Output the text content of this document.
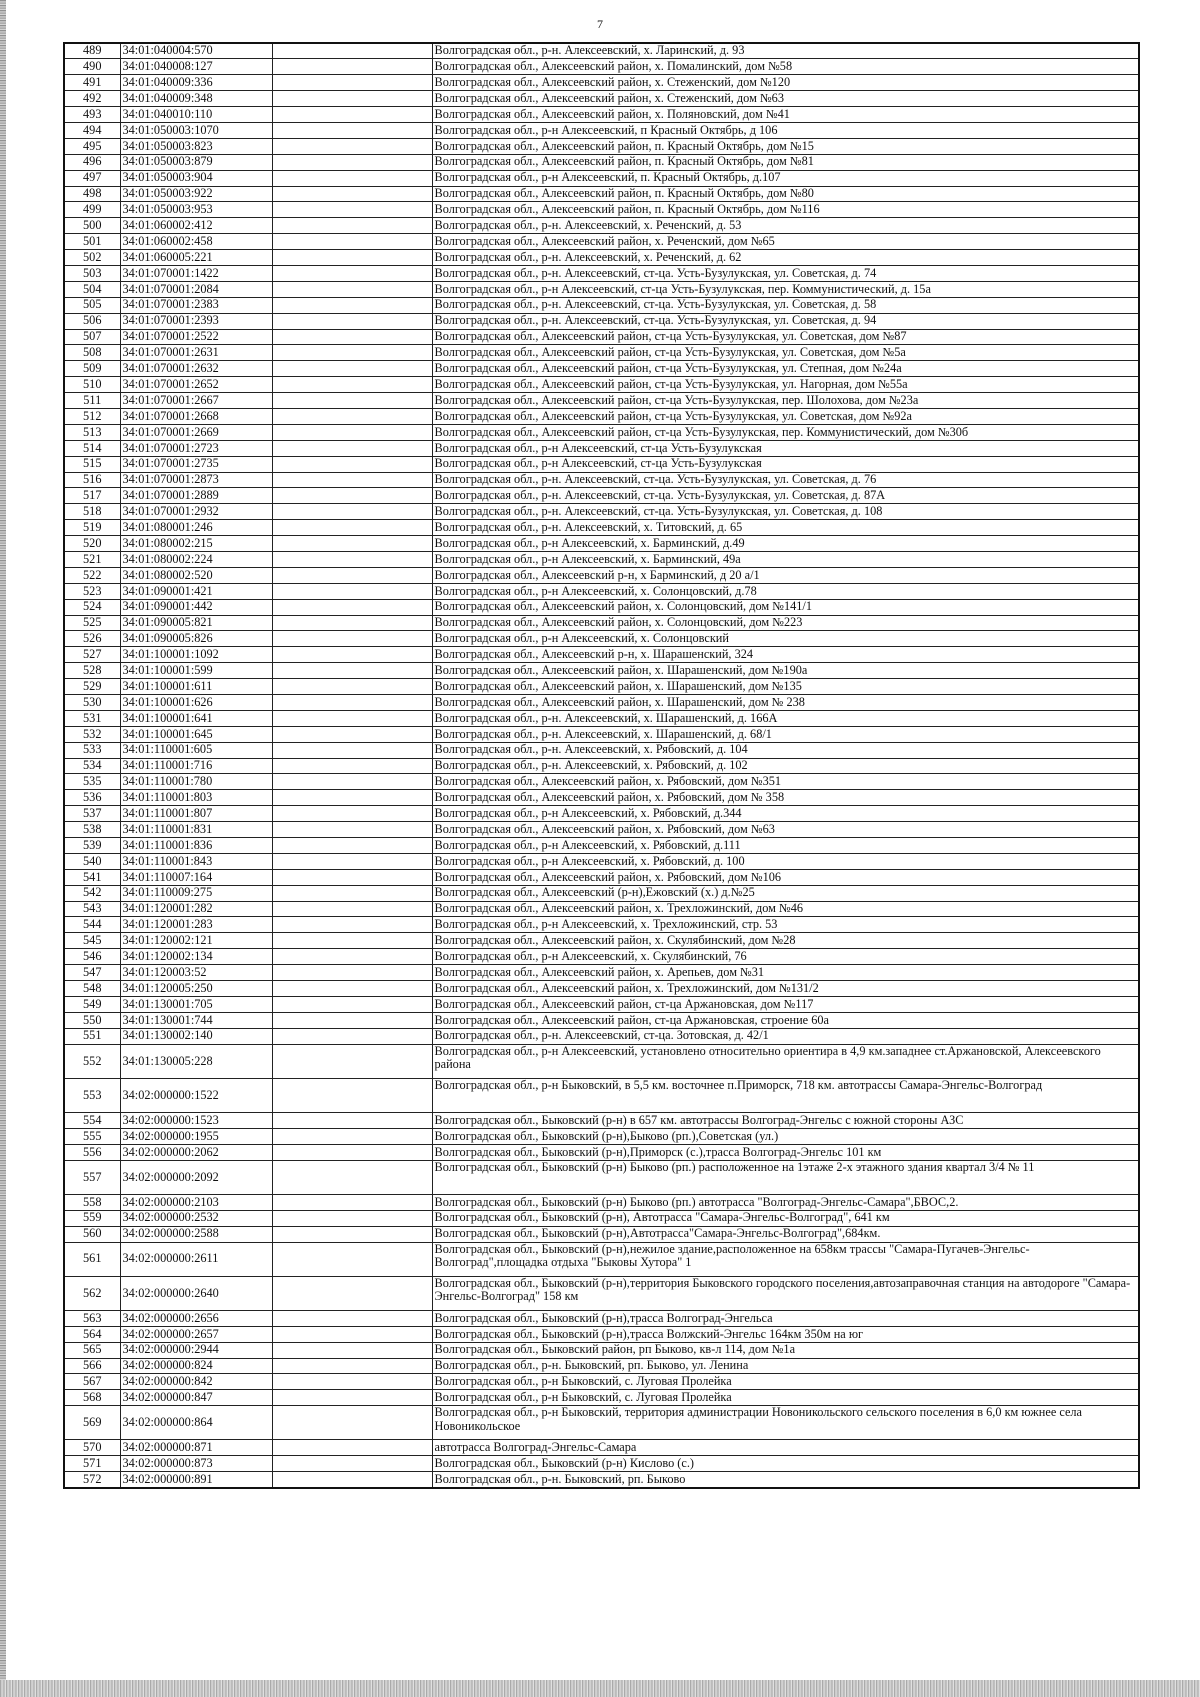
7
489	34:01:040004:570		Волгоградская обл., р-н. Алексеевский, х. Ларинский, д. 93
490	34:01:040008:127		Волгоградская обл., Алексеевский район, х. Помалинский, дом №58
491	34:01:040009:336		Волгоградская обл., Алексеевский район, х. Стеженский, дом №120
492	34:01:040009:348		Волгоградская обл., Алексеевский район, х. Стеженский, дом №63
493	34:01:040010:110		Волгоградская обл., Алексеевский район, х. Поляновский, дом №41
494	34:01:050003:1070		Волгоградская обл., р-н Алексеевский, п Красный Октябрь, д 106
495	34:01:050003:823		Волгоградская обл., Алексеевский район, п. Красный Октябрь, дом №15
496	34:01:050003:879		Волгоградская обл., Алексеевский район, п. Красный Октябрь, дом №81
497	34:01:050003:904		Волгоградская обл., р-н Алексеевский, п. Красный Октябрь, д.107
498	34:01:050003:922		Волгоградская обл., Алексеевский район, п. Красный Октябрь, дом №80
499	34:01:050003:953		Волгоградская обл., Алексеевский район, п. Красный Октябрь, дом №116
500	34:01:060002:412		Волгоградская обл., р-н. Алексеевский, х. Реченский, д. 53
501	34:01:060002:458		Волгоградская обл., Алексеевский район, х. Реченский, дом №65
502	34:01:060005:221		Волгоградская обл., р-н. Алексеевский, х. Реченский, д. 62
503	34:01:070001:1422		Волгоградская обл., р-н. Алексеевский, ст-ца. Усть-Бузулукская, ул. Советская, д. 74
504	34:01:070001:2084		Волгоградская обл., р-н Алексеевский, ст-ца Усть-Бузулукская, пер. Коммунистический, д. 15а
505	34:01:070001:2383		Волгоградская обл., р-н. Алексеевский, ст-ца. Усть-Бузулукская, ул. Советская, д. 58
506	34:01:070001:2393		Волгоградская обл., р-н. Алексеевский, ст-ца. Усть-Бузулукская, ул. Советская, д. 94
507	34:01:070001:2522		Волгоградская обл., Алексеевский район, ст-ца Усть-Бузулукская, ул. Советская, дом №87
508	34:01:070001:2631		Волгоградская обл., Алексеевский район, ст-ца Усть-Бузулукская, ул. Советская, дом №5а
509	34:01:070001:2632		Волгоградская обл., Алексеевский район, ст-ца Усть-Бузулукская, ул. Степная, дом №24а
510	34:01:070001:2652		Волгоградская обл., Алексеевский район, ст-ца Усть-Бузулукская, ул. Нагорная, дом №55а
511	34:01:070001:2667		Волгоградская обл., Алексеевский район, ст-ца Усть-Бузулукская, пер. Шолохова, дом №23а
512	34:01:070001:2668		Волгоградская обл., Алексеевский район, ст-ца Усть-Бузулукская, ул. Советская, дом №92а
513	34:01:070001:2669		Волгоградская обл., Алексеевский район, ст-ца Усть-Бузулукская, пер. Коммунистический, дом №30б
514	34:01:070001:2723		Волгоградская обл., р-н Алексеевский, ст-ца Усть-Бузулукская
515	34:01:070001:2735		Волгоградская обл., р-н Алексеевский, ст-ца Усть-Бузулукская
516	34:01:070001:2873		Волгоградская обл., р-н. Алексеевский, ст-ца. Усть-Бузулукская, ул. Советская, д. 76
517	34:01:070001:2889		Волгоградская обл., р-н. Алексеевский, ст-ца. Усть-Бузулукская, ул. Советская, д. 87А
518	34:01:070001:2932		Волгоградская обл., р-н. Алексеевский, ст-ца. Усть-Бузулукская, ул. Советская, д. 108
519	34:01:080001:246		Волгоградская обл., р-н. Алексеевский, х. Титовский, д. 65
520	34:01:080002:215		Волгоградская обл., р-н Алексеевский, х. Барминский, д.49
521	34:01:080002:224		Волгоградская обл., р-н Алексеевский, х. Барминский, 49а
522	34:01:080002:520		Волгоградская обл., Алексеевский р-н, х Барминский, д 20 а/1
523	34:01:090001:421		Волгоградская обл., р-н Алексеевский, х. Солонцовский, д.78
524	34:01:090001:442		Волгоградская обл., Алексеевский район, х. Солонцовский, дом №141/1
525	34:01:090005:821		Волгоградская обл., Алексеевский район, х. Солонцовский, дом №223
526	34:01:090005:826		Волгоградская обл., р-н Алексеевский, х. Солонцовский
527	34:01:100001:1092		Волгоградская обл., Алексеевский р-н, х. Шарашенский, 324
528	34:01:100001:599		Волгоградская обл., Алексеевский район, х. Шарашенский, дом №190а
529	34:01:100001:611		Волгоградская обл., Алексеевский район, х. Шарашенский, дом №135
530	34:01:100001:626		Волгоградская обл., Алексеевский район, х. Шарашенский, дом № 238
531	34:01:100001:641		Волгоградская обл., р-н. Алексеевский, х. Шарашенский, д. 166А
532	34:01:100001:645		Волгоградская обл., р-н. Алексеевский, х. Шарашенский, д. 68/1
533	34:01:110001:605		Волгоградская обл., р-н. Алексеевский, х. Рябовский, д. 104
534	34:01:110001:716		Волгоградская обл., р-н. Алексеевский, х. Рябовский, д. 102
535	34:01:110001:780		Волгоградская обл., Алексеевский район, х. Рябовский, дом №351
536	34:01:110001:803		Волгоградская обл., Алексеевский район, х. Рябовский, дом № 358
537	34:01:110001:807		Волгоградская обл., р-н Алексеевский, х. Рябовский, д.344
538	34:01:110001:831		Волгоградская обл., Алексеевский район, х. Рябовский, дом №63
539	34:01:110001:836		Волгоградская обл., р-н Алексеевский, х. Рябовский, д.111
540	34:01:110001:843		Волгоградская обл., р-н Алексеевский, х. Рябовский, д. 100
541	34:01:110007:164		Волгоградская обл., Алексеевский район, х. Рябовский, дом №106
542	34:01:110009:275		Волгоградская обл., Алексеевский (р-н),Ежовский (х.) д.№25
543	34:01:120001:282		Волгоградская обл., Алексеевский район, х. Трехложинский, дом №46
544	34:01:120001:283		Волгоградская обл., р-н Алексеевский, х. Трехложинский, стр. 53
545	34:01:120002:121		Волгоградская обл., Алексеевский район, х. Скулябинский, дом №28
546	34:01:120002:134		Волгоградская обл., р-н Алексеевский, х. Скулябинский, 76
547	34:01:120003:52		Волгоградская обл., Алексеевский район, х. Арепьев, дом №31
548	34:01:120005:250		Волгоградская обл., Алексеевский район, х. Трехложинский, дом №131/2
549	34:01:130001:705		Волгоградская обл., Алексеевский район, ст-ца Аржановская, дом №117
550	34:01:130001:744		Волгоградская обл., Алексеевский район, ст-ца Аржановская, строение 60а
551	34:01:130002:140		Волгоградская обл., р-н. Алексеевский, ст-ца. Зотовская, д. 42/1
552	34:01:130005:228		Волгоградская обл., р-н Алексеевский, установлено относительно ориентира в 4,9 км.западнее ст.Аржановской, Алексеевского района
553	34:02:000000:1522		Волгоградская обл., р-н Быковский, в 5,5 км. восточнее п.Приморск, 718 км. автотрассы Самара-Энгельс-Волгоград
554	34:02:000000:1523		Волгоградская обл., Быковский (р-н) в 657 км. автотрассы Волгоград-Энгельс с южной стороны АЗС
555	34:02:000000:1955		Волгоградская обл., Быковский (р-н),Быково (рп.),Советская (ул.)
556	34:02:000000:2062		Волгоградская обл., Быковский (р-н),Приморск (с.),трасса Волгоград-Энгельс 101 км
557	34:02:000000:2092		Волгоградская обл., Быковский (р-н) Быково (рп.) расположенное на 1этаже 2-х этажного здания квартал 3/4 № 11
558	34:02:000000:2103		Волгоградская обл., Быковский (р-н) Быково (рп.) автотрасса "Волгоград-Энгельс-Самара",БВОС,2.
559	34:02:000000:2532		Волгоградская обл., Быковский (р-н), Автотрасса "Самара-Энгельс-Волгоград", 641 км
560	34:02:000000:2588		Волгоградская обл., Быковский (р-н),Автотрасса"Самара-Энгельс-Волгоград",684км.
561	34:02:000000:2611		Волгоградская обл., Быковский (р-н),нежилое здание,расположенное на 658км трассы "Самара-Пугачев-Энгельс-Волгоград",площадка отдыха "Быковы Хутора" 1
562	34:02:000000:2640		Волгоградская обл., Быковский (р-н),территория Быковского городского поселения,автозаправочная станция на автодороге "Самара-Энгельс-Волгоград" 158 км
563	34:02:000000:2656		Волгоградская обл., Быковский (р-н),трасса Волгоград-Энгельса
564	34:02:000000:2657		Волгоградская обл., Быковский (р-н),трасса Волжский-Энгельс 164км 350м на юг
565	34:02:000000:2944		Волгоградская обл., Быковский район, рп Быково, кв-л 114, дом №1а
566	34:02:000000:824		Волгоградская обл., р-н. Быковский, рп. Быково, ул. Ленина
567	34:02:000000:842		Волгоградская обл., р-н Быковский, с. Луговая Пролейка
568	34:02:000000:847		Волгоградская обл., р-н Быковский, с. Луговая Пролейка
569	34:02:000000:864		Волгоградская обл., р-н Быковский, территория администрации Новоникольского сельского поселения в 6,0 км южнее села Новоникольское
570	34:02:000000:871		автотрасса Волгоград-Энгельс-Самара
571	34:02:000000:873		Волгоградская обл., Быковский (р-н) Кислово (с.)
572	34:02:000000:891		Волгоградская обл., р-н. Быковский, рп. Быково
